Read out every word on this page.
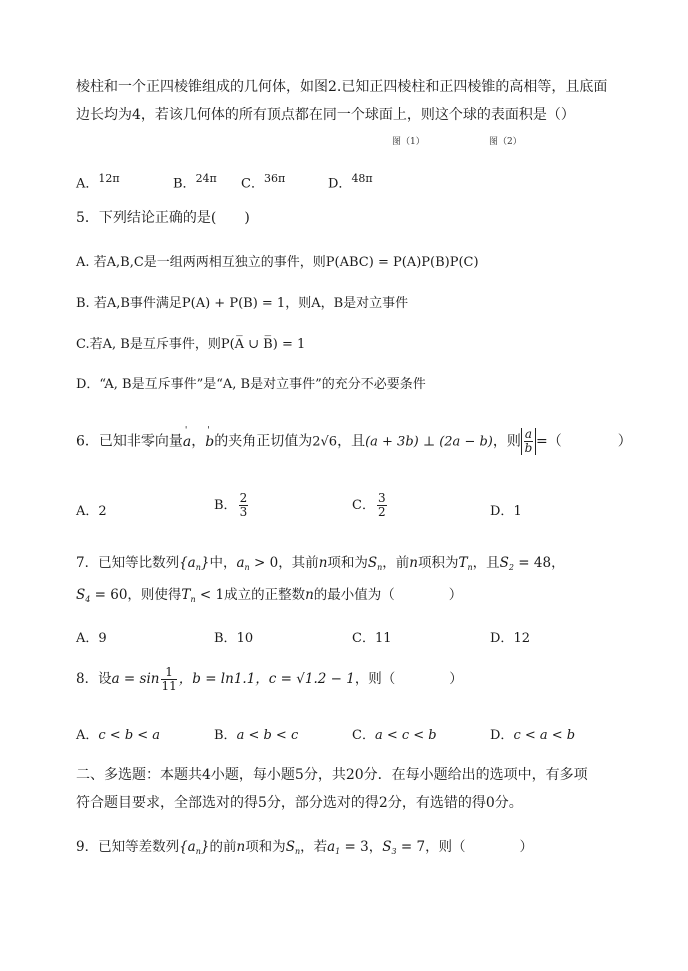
棱柱和一个正四棱锥组成的几何体，如图2.已知正四棱柱和正四棱锥的高相等，且底面
边长均为4，若该几何体的所有顶点都在同一个球面上，则这个球的表面积是（）
图（1）	图（2）
A．$^{12\pi}$	B．$^{24\pi}$ C．$^{36\pi}$	D．$^{48\pi}$
5．下列结论正确的是(　　)
A. 若A,B,C是一组两两相互独立的事件，则P(ABC) = P(A)P(B)P(C)
B. 若A,B事件满足P(A) + P(B) = 1，则A，B是对立事件
C.若A, B是互斥事件，则P(A̅ ∪ B̅) = 1
D．“A, B是互斥事件”是“A, B是对立事件”的充分不必要条件
6．已知非零向量' a，' b的夹角正切值为2√6，且(a + 3b) ⊥ (2a − b)，则 $\frac{a}{b}$ =（　　　　）
A．2	B． $\frac{2}{3}$	C． $\frac{3}{2}$	D．1
7．已知等比数列$\{a_n\}$中，$a_n > 0$，其前n项和为$S_n$，前n项积为$T_n$，且$S_2 = 48$，
$S_4 = 60$，则使得$T_n < 1$成立的正整数n的最小值为（　　　　）
A．9	B．10	C．11	D．12
8．设$a = \sin \frac{1}{11}$ ，b = ln1.1，c = √1.2 − 1，则（　　　　）
A．c < b < a	B．a < b < c	C．a < c < b	D．c < a < b
二、多选题：本题共4小题，每小题5分，共20分．在每小题给出的选项中，有多项
符合题目要求，全部选对的得5分，部分选对的得2分，有选错的得0分。
9．已知等差数列$\{a_n\}$的前n项和为$S_n$，若$a_1 = 3$，$S_3 = 7$，则（　　　　）
